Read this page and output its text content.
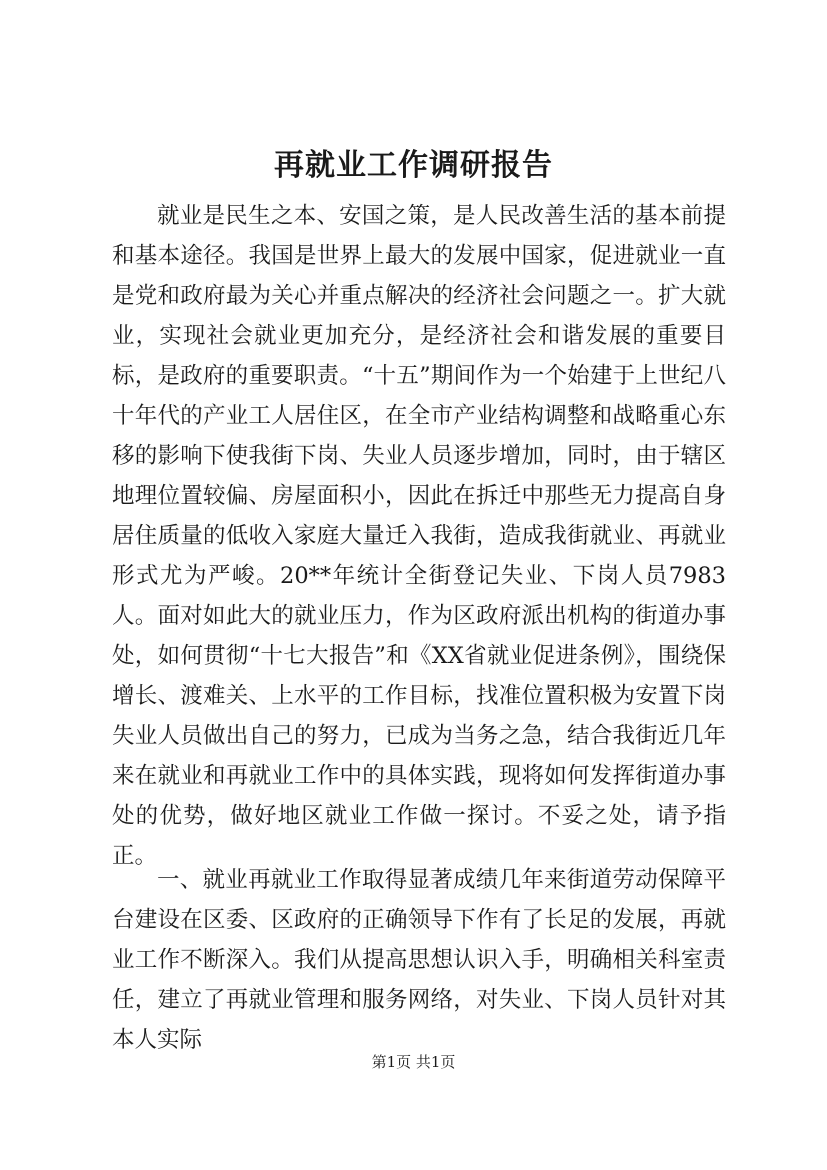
再就业工作调研报告

就业是民生之本、安国之策，是人民改善生活的基本前提和基本途径。我国是世界上最大的发展中国家，促进就业一直是党和政府最为关心并重点解决的经济社会问题之一。扩大就业，实现社会就业更加充分，是经济社会和谐发展的重要目标，是政府的重要职责。“十五”期间作为一个始建于上世纪八十年代的产业工人居住区，在全市产业结构调整和战略重心东移的影响下使我街下岗、失业人员逐步增加，同时，由于辖区地理位置较偏、房屋面积小，因此在拆迁中那些无力提高自身居住质量的低收入家庭大量迁入我街，造成我街就业、再就业形式尤为严峻。20**年统计全街登记失业、下岗人员7983人。面对如此大的就业压力，作为区政府派出机构的街道办事处，如何贯彻“十七大报告”和《XX省就业促进条例》，围绕保增长、渡难关、上水平的工作目标，找准位置积极为安置下岗失业人员做出自己的努力，已成为当务之急，结合我街近几年来在就业和再就业工作中的具体实践，现将如何发挥街道办事处的优势，做好地区就业工作做一探讨。不妥之处，请予指正。

一、就业再就业工作取得显著成绩几年来街道劳动保障平台建设在区委、区政府的正确领导下作有了长足的发展，再就业工作不断深入。我们从提高思想认识入手，明确相关科室责任，建立了再就业管理和服务网络，对失业、下岗人员针对其本人实际

第1页 共1页
